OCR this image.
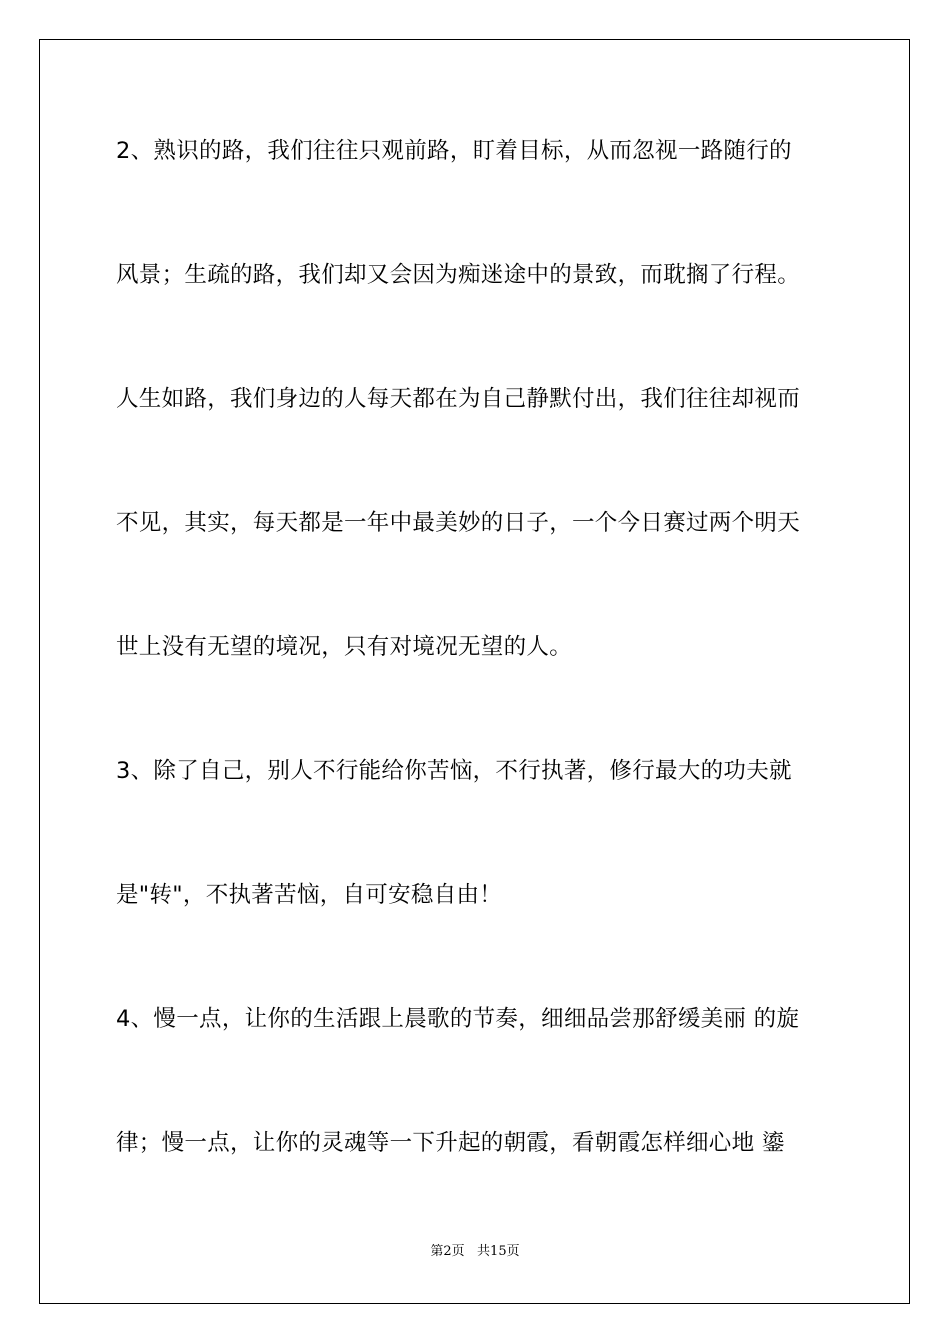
2、熟识的路，我们往往只观前路，盯着目标，从而忽视一路随行的
风景；生疏的路，我们却又会因为痴迷途中的景致，而耽搁了行程。
人生如路，我们身边的人每天都在为自己静默付出，我们往往却视而
不见，其实，每天都是一年中最美妙的日子，一个今日赛过两个明天
世上没有无望的境况，只有对境况无望的人。
3、除了自己，别人不行能给你苦恼，不行执著，修行最大的功夫就
是"转"，不执著苦恼，自可安稳自由！
4、慢一点，让你的生活跟上晨歌的节奏，细细品尝那舒缓美丽 的旋
律；慢一点，让你的灵魂等一下升起的朝霞，看朝霞怎样细心地 鎏
第2页   共15页
